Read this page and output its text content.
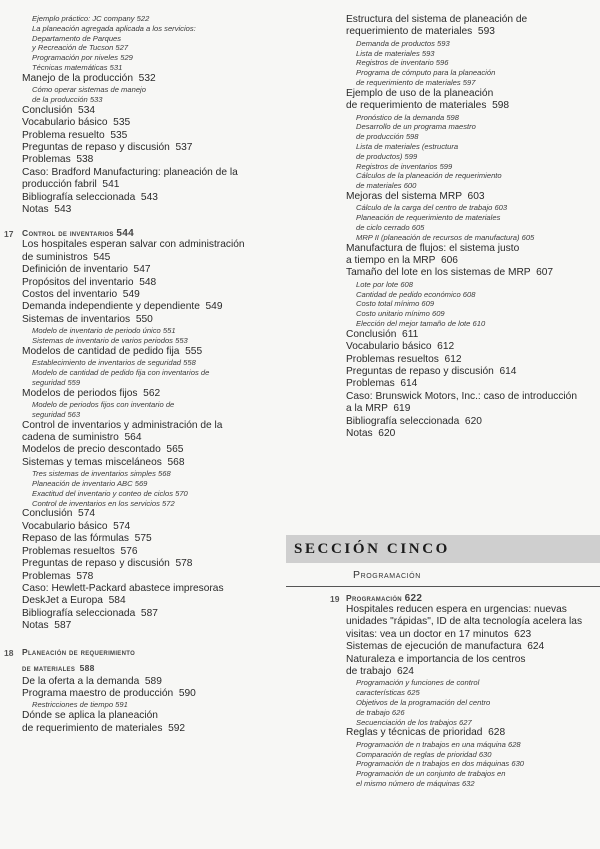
Ejemplo práctico: JC company 522
La planeación agregada aplicada a los servicios:
Departamento de Parques
y Recreación de Tucson 527
Programación por niveles 529
Técnicas matemáticas 531
Manejo de la producción  532
Cómo operar sistemas de manejo
de la producción 533
Conclusión  534
Vocabulario básico  535
Problema resuelto  535
Preguntas de repaso y discusión  537
Problemas  538
Caso: Bradford Manufacturing: planeación de la
producción fabril  541
Bibliografía seleccionada  543
Notas  543
17	Control de inventarios 544
Los hospitales esperan salvar con administración
de suministros  545
Definición de inventario  547
Propósitos del inventario  548
Costos del inventario  549
Demanda independiente y dependiente  549
Sistemas de inventarios  550
Modelo de inventario de periodo único 551
Sistemas de inventario de varios periodos 553
Modelos de cantidad de pedido fija  555
Establecimiento de inventarios de seguridad 558
Modelo de cantidad de pedido fija con inventarios de
seguridad 559
Modelos de periodos fijos  562
Modelo de periodos fijos con inventario de
seguridad 563
Control de inventarios y administración de la
cadena de suministro  564
Modelos de precio descontado  565
Sistemas y temas misceláneos  568
Tres sistemas de inventarios simples 568
Planeación de inventario ABC 569
Exactitud del inventario y conteo de ciclos 570
Control de inventarios en los servicios 572
Conclusión  574
Vocabulario básico  574
Repaso de las fórmulas  575
Problemas resueltos  576
Preguntas de repaso y discusión  578
Problemas  578
Caso: Hewlett-Packard abastece impresoras
DeskJet a Europa  584
Bibliografía seleccionada  587
Notas  587
18	Planeación de requerimiento
de materiales 588
De la oferta a la demanda  589
Programa maestro de producción  590
Restricciones de tiempo 591
Dónde se aplica la planeación
de requerimiento de materiales  592
Estructura del sistema de planeación de
requerimiento de materiales  593
Demanda de productos 593
Lista de materiales 593
Registros de inventario 596
Programa de cómputo para la planeación
de requerimiento de materiales 597
Ejemplo de uso de la planeación
de requerimiento de materiales  598
Pronóstico de la demanda 598
Desarrollo de un programa maestro
de producción 598
Lista de materiales (estructura
de productos) 599
Registros de inventarios 599
Cálculos de la planeación de requerimiento
de materiales 600
Mejoras del sistema MRP  603
Cálculo de la carga del centro de trabajo 603
Planeación de requerimiento de materiales
de ciclo cerrado 605
MRP II (planeación de recursos de manufactura) 605
Manufactura de flujos: el sistema justo
a tiempo en la MRP  606
Tamaño del lote en los sistemas de MRP  607
Lote por lote 608
Cantidad de pedido económico 608
Costo total mínimo 609
Costo unitario mínimo 609
Elección del mejor tamaño de lote 610
Conclusión  611
Vocabulario básico  612
Problemas resueltos  612
Preguntas de repaso y discusión  614
Problemas  614
Caso: Brunswick Motors, Inc.: caso de introducción
a la MRP  619
Bibliografía seleccionada  620
Notas  620
SECCIÓN CINCO
Programación
19 Programación 622
Hospitales reducen espera en urgencias: nuevas
unidades "rápidas", ID de alta tecnología acelera las
visitas: vea un doctor en 17 minutos  623
Sistemas de ejecución de manufactura  624
Naturaleza e importancia de los centros
de trabajo  624
Programación y funciones de control
características 625
Objetivos de la programación del centro
de trabajo 626
Secuenciación de los trabajos 627
Reglas y técnicas de prioridad  628
Programación de n trabajos en una máquina 628
Comparación de reglas de prioridad 630
Programación de n trabajos en dos máquinas 630
Programación de un conjunto de trabajos en
el mismo número de máquinas 632
